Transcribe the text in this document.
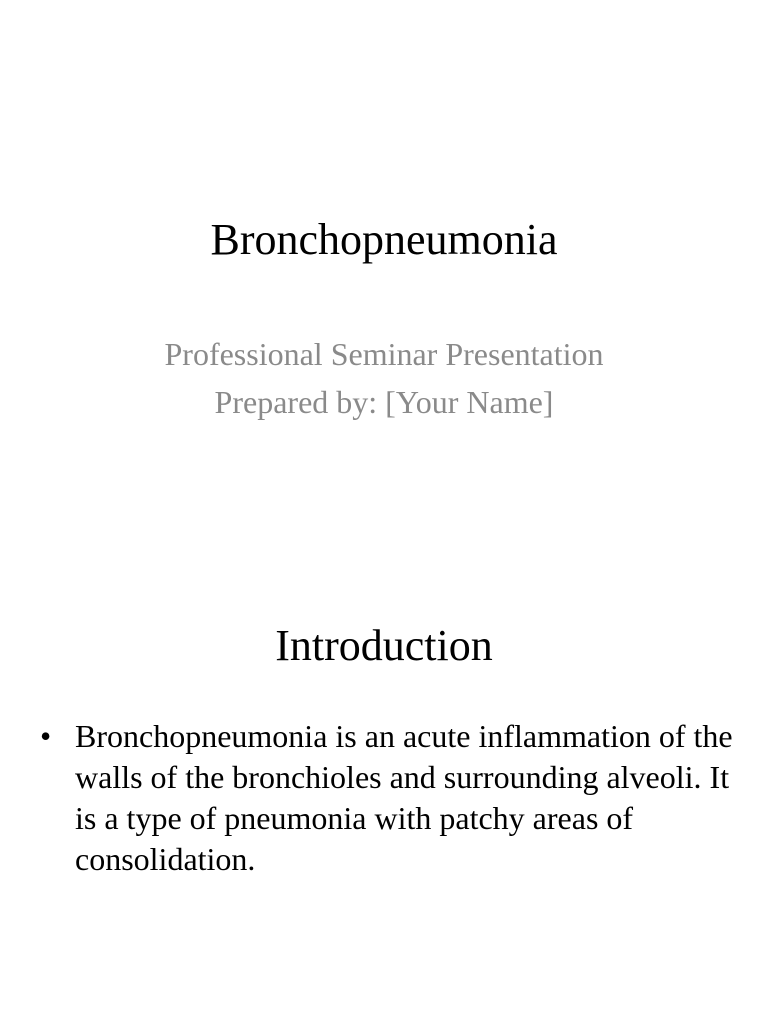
Bronchopneumonia
Professional Seminar Presentation
Prepared by: [Your Name]
Introduction
• Bronchopneumonia is an acute inflammation of the walls of the bronchioles and surrounding alveoli. It is a type of pneumonia with patchy areas of consolidation.
